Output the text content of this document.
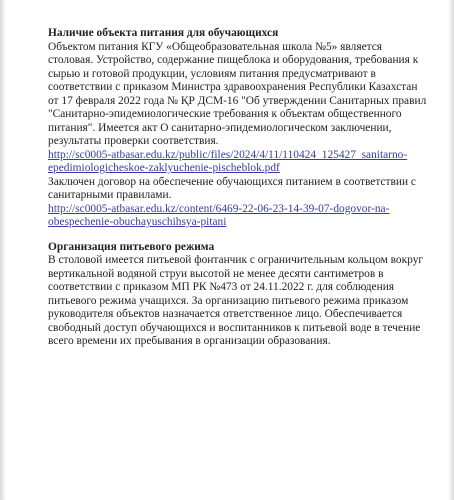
Наличие объекта питания для обучающихся

Объектом питания КГУ «Общеобразовательная школа №5» является
столовая. Устройство, содержание пищеблока и оборудования, требования к
сырью и готовой продукции, условиям питания предусматривают в
соответствии с приказом Министра здравоохранения Республики Казахстан
от 17 февраля 2022 года № ҚР ДСМ-16 "Об утверждении Санитарных правил
"Санитарно-эпидемиологические требования к объектам общественного
питания". Имеется акт О санитарно-эпидемиологическом заключении,
результаты проверки соответствия.

http://sc0005-atbasar.edu.kz/public/files/2024/4/11/110424_125427_sanitarno-
epedimiologicheskoe-zaklyuchenie-pischeblok.pdf

Заключен договор на обеспечение обучающихся питанием в соответствии с
санитарными правилами.

http://sc0005-atbasar.edu.kz/content/6469-22-06-23-14-39-07-dogovor-na-
obespechenie-obuchayuschihsya-pitani
Организация питьевого режима

В столовой имеется питьевой фонтанчик с ограничительным кольцом вокруг
вертикальной водяной струи высотой не менее десяти сантиметров в
соответствии с приказом МП РК №473 от 24.11.2022 г. для соблюдения
питьевого режима учащихся. За организацию питьевого режима приказом
руководителя объектов назначается ответственное лицо. Обеспечивается
свободный доступ обучающихся и воспитанников к питьевой воде в течение
всего времени их пребывания в организации образования.
